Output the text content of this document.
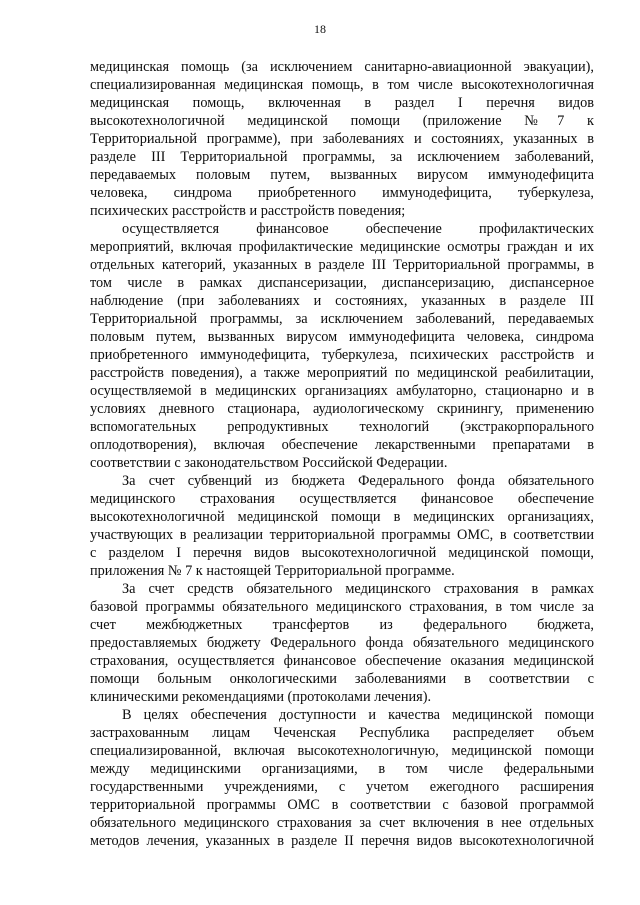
18
медицинская помощь (за исключением санитарно-авиационной эвакуации),
специализированная медицинская помощь, в том числе высокотехнологичная
медицинская помощь, включенная в раздел I перечня видов
высокотехнологичной медицинской помощи (приложение №7 к
Территориальной программе), при заболеваниях и состояниях, указанных в
разделе III Территориальной программы, за исключением заболеваний,
передаваемых половым путем, вызванных вирусом иммунодефицита
человека, синдрома приобретенного иммунодефицита, туберкулеза,
психических расстройств и расстройств поведения;
осуществляется финансовое обеспечение профилактических
мероприятий, включая профилактические медицинские осмотры граждан и их
отдельных категорий, указанных в разделе III Территориальной программы, в
том числе в рамках диспансеризации, диспансеризацию, диспансерное
наблюдение (при заболеваниях и состояниях, указанных в разделе III
Территориальной программы, за исключением заболеваний, передаваемых
половым путем, вызванных вирусом иммунодефицита человека, синдрома
приобретенного иммунодефицита, туберкулеза, психических расстройств и
расстройств поведения), а также мероприятий по медицинской реабилитации,
осуществляемой в медицинских организациях амбулаторно, стационарно и в
условиях дневного стационара, аудиологическому скринингу, применению
вспомогательных репродуктивных технологий (экстракорпорального
оплодотворения), включая обеспечение лекарственными препаратами в
соответствии с законодательством Российской Федерации.
За счет субвенций из бюджета Федерального фонда обязательного
медицинского страхования осуществляется финансовое обеспечение
высокотехнологичной медицинской помощи в медицинских организациях,
участвующих в реализации территориальной программы ОМС, в соответствии
с разделом I перечня видов высокотехнологичной медицинской помощи,
приложения № 7 к настоящей Территориальной программе.
За счет средств обязательного медицинского страхования в рамках
базовой программы обязательного медицинского страхования, в том числе за
счет межбюджетных трансфертов из федерального бюджета,
предоставляемых бюджету Федерального фонда обязательного медицинского
страхования, осуществляется финансовое обеспечение оказания медицинской
помощи больным онкологическими заболеваниями в соответствии с
клиническими рекомендациями (протоколами лечения).
В целях обеспечения доступности и качества медицинской помощи
застрахованным лицам Чеченская Республика распределяет объем
специализированной, включая высокотехнологичную, медицинской помощи
между медицинскими организациями, в том числе федеральными
государственными учреждениями, с учетом ежегодного расширения
территориальной программы ОМС в соответствии с базовой программой
обязательного медицинского страхования за счет включения в нее отдельных
методов лечения, указанных в разделе II перечня видов высокотехнологичной
